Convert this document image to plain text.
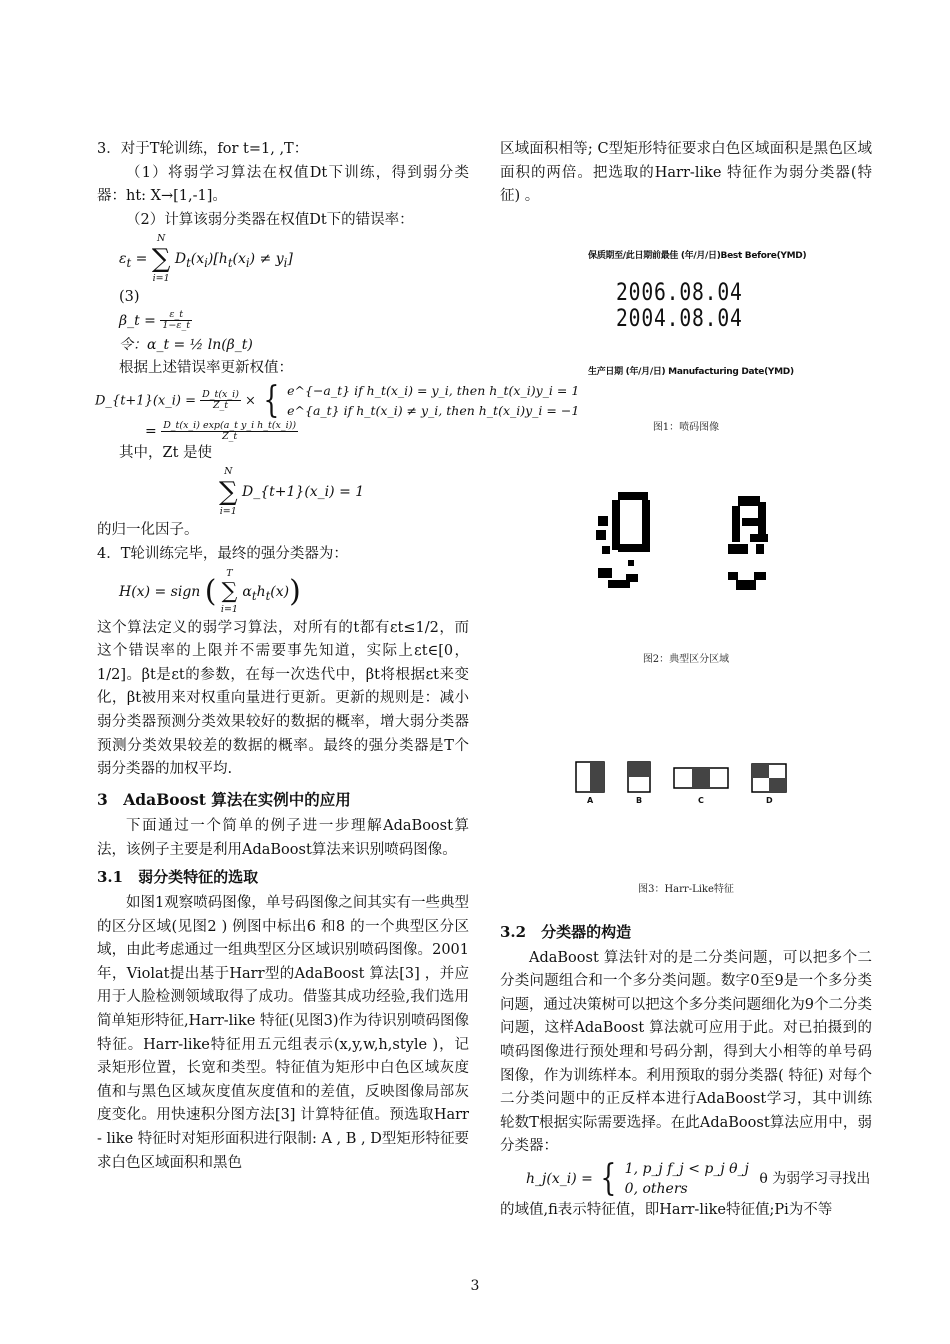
3．对于T轮训练，for t=1, ,T：

（1）将弱学习算法在权值Dt下训练，得到弱分类器：ht: X→[1,-1]。

（2）计算该弱分类器在权值Dt下的错误率：

$\varepsilon_t$ =
N
∑
i=1
$D_t(x_i)[h_t(x_i) \ne y_i]$

(3)

β_t = $\frac{\varepsilon\_t}{1-\varepsilon\_t}$

令：α_t = ½ ln(β_t)

根据上述错误率更新权值：

D_{t+1}(x_i) = $\frac{D\_t(x\_i)}{Z\_t}$ × { e^{−a_t} if h_t(x_i) = y_i, then h_t(x_i)y_i = 1
e^{a_t} if h_t(x_i) ≠ y_i, then h_t(x_i)y_i = −1

= $\frac{\text{D\_t(x\_i) exp(a\_t y\_i h\_t(x\_i))}}{Z\_t}$

其中，Zt 是使

N
∑
i=1
D_{t+1}(x_i) = 1

的归一化因子。

4．T轮训练完毕，最终的强分类器为：

H(x) = sign (
T
∑
i=1
$\alpha_th_t(x)$)

这个算法定义的弱学习算法，对所有的t都有εt≤1/2，而这个错误率的上限并不需要事先知道，实际上εt∈[0，1/2]。βt是εt的参数，在每一次迭代中，βt将根据εt来变化，βt被用来对权重向量进行更新。更新的规则是：减小弱分类器预测分类效果较好的数据的概率，增大弱分类器预测分类效果较差的数据的概率。最终的强分类器是T个弱分类器的加权平均.

3　AdaBoost 算法在实例中的应用

下面通过一个简单的例子进一步理解AdaBoost算法，该例子主要是利用AdaBoost算法来识别喷码图像。

3.1　弱分类特征的选取

如图1观察喷码图像，单号码图像之间其实有一些典型的区分区域(见图2 ) 例图中标出6 和8 的一个典型区分区域，由此考虑通过一组典型区分区域识别喷码图像。2001 年，Violat提出基于Harr型的AdaBoost 算法[3] ，并应用于人脸检测领域取得了成功。借鉴其成功经验,我们选用简单矩形特征,Harr-like 特征(见图3)作为待识别喷码图像特征。Harr-like特征用五元组表示(x,y,w,h,style )，记录矩形位置，长宽和类型。特征值为矩形中白色区域灰度值和与黑色区域灰度值灰度值和的差值，反映图像局部灰度变化。用快速积分图方法[3] 计算特征值。预选取Harr - like 特征时对矩形面积进行限制: A , B , D型矩形特征要求白色区域面积和黑色

区域面积相等; C型矩形特征要求白色区域面积是黑色区域面积的两倍。把选取的Harr-like 特征作为弱分类器(特征) 。

保质期至/此日期前最佳 (年/月/日)Best Before(YMD)
2006.08.04
2004.08.04
生产日期 (年/月/日) Manufacturing Date(YMD)
图1：喷码图像
图2：典型区分区域
A	B	C	D
图3：Harr-Like特征
3.2　分类器的构造

AdaBoost 算法针对的是二分类问题，可以把多个二分类问题组合和一个多分类问题。数字0至9是一个多分类问题，通过决策树可以把这个多分类问题细化为9个二分类问题，这样AdaBoost 算法就可应用于此。对已拍摄到的喷码图像进行预处理和号码分割，得到大小相等的单号码图像，作为训练样本。利用预取的弱分类器( 特征) 对每个二分类问题中的正反样本进行AdaBoost学习，其中训练轮数T根据实际需要选择。在此AdaBoost算法应用中，弱分类器：

h_j(x_i) = { 1, p_j f_j < p_j θ_j
0, others
θ 为弱学习寻找出

的域值,fi表示特征值，即Harr-like特征值;Pi为不等

3
